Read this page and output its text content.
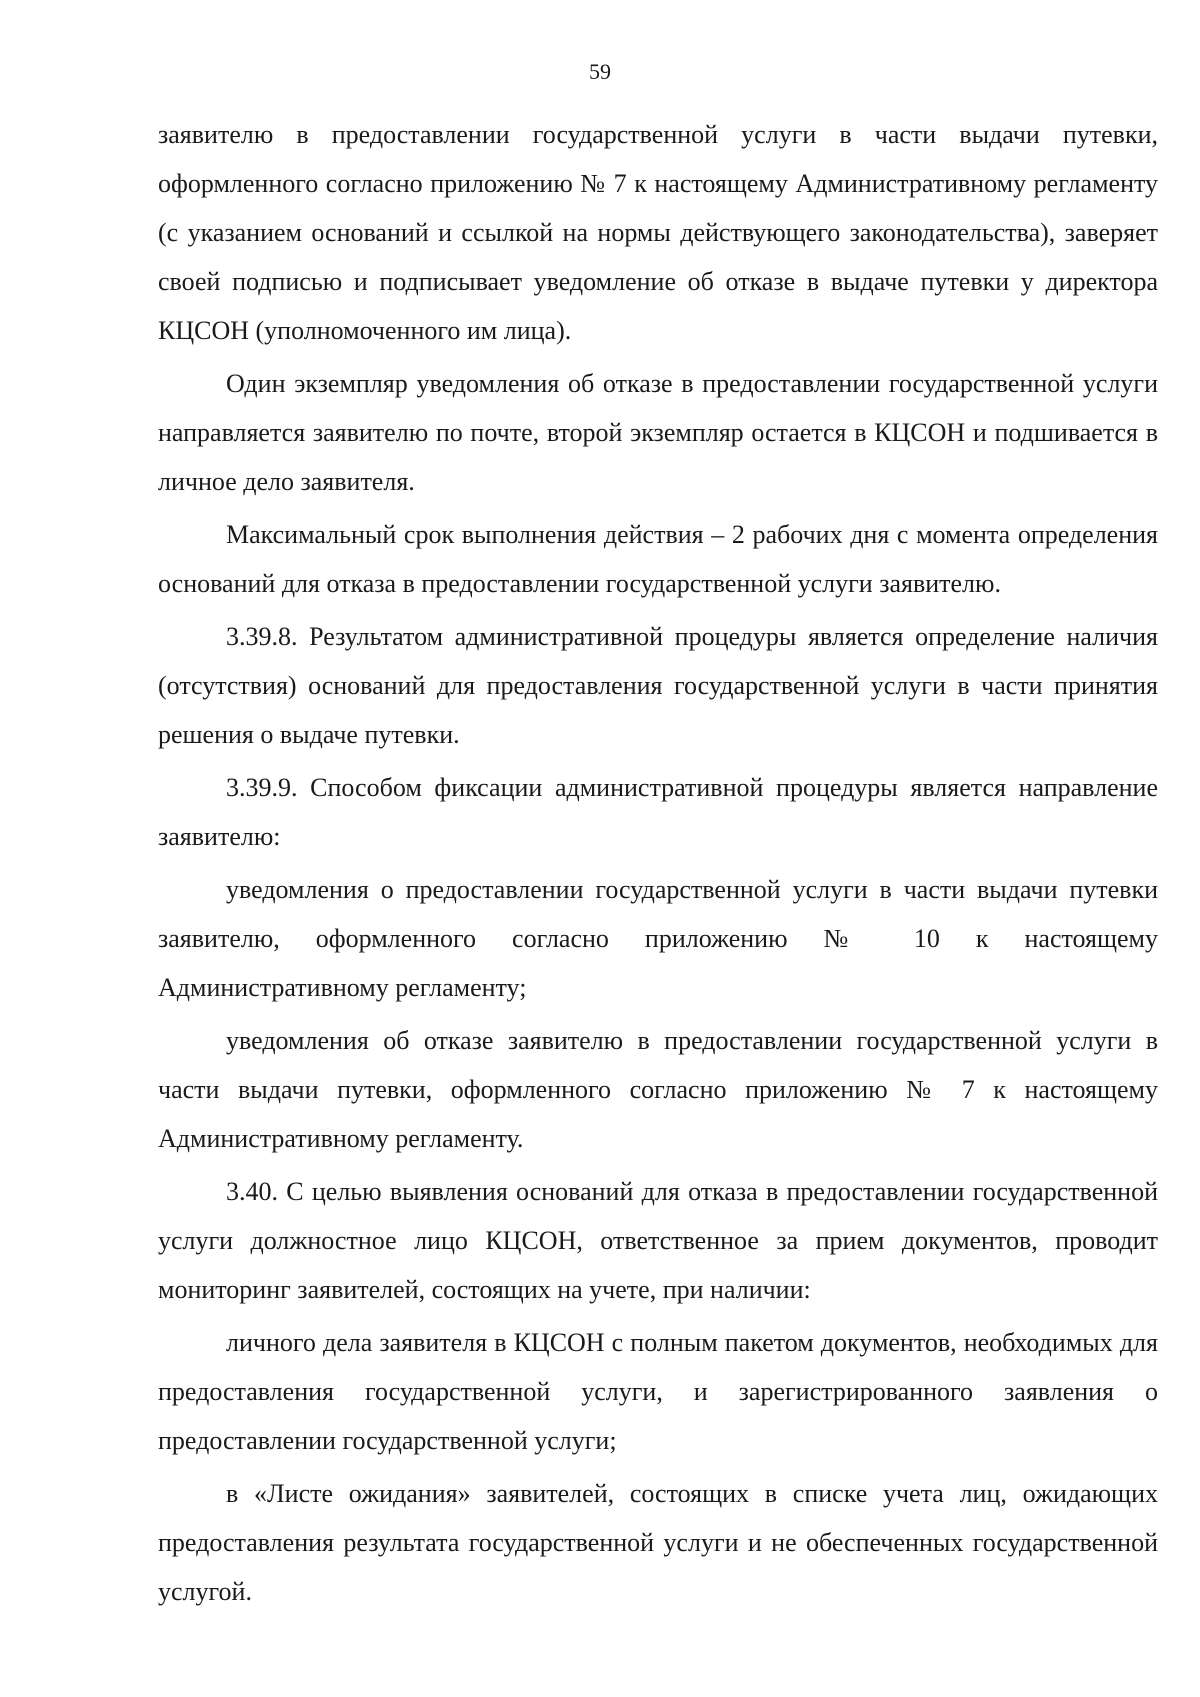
59

заявителю в предоставлении государственной услуги в части выдачи путевки, оформленного согласно приложению № 7 к настоящему Административному регламенту (с указанием оснований и ссылкой на нормы действующего законодательства), заверяет своей подписью и подписывает уведомление об отказе в выдаче путевки у директора КЦСОН (уполномоченного им лица).

Один экземпляр уведомления об отказе в предоставлении государственной услуги направляется заявителю по почте, второй экземпляр остается в КЦСОН и подшивается в личное дело заявителя.

Максимальный срок выполнения действия – 2 рабочих дня с момента определения оснований для отказа в предоставлении государственной услуги заявителю.

3.39.8. Результатом административной процедуры является определение наличия (отсутствия) оснований для предоставления государственной услуги в части принятия решения о выдаче путевки.

3.39.9. Способом фиксации административной процедуры является направление заявителю:

уведомления о предоставлении государственной услуги в части выдачи путевки заявителю, оформленного согласно приложению № 10 к настоящему Административному регламенту;

уведомления об отказе заявителю в предоставлении государственной услуги в части выдачи путевки, оформленного согласно приложению № 7 к настоящему Административному регламенту.

3.40. С целью выявления оснований для отказа в предоставлении государственной услуги должностное лицо КЦСОН, ответственное за прием документов, проводит мониторинг заявителей, состоящих на учете, при наличии:

личного дела заявителя в КЦСОН с полным пакетом документов, необходимых для предоставления государственной услуги, и зарегистрированного заявления о предоставлении государственной услуги;

в «Листе ожидания» заявителей, состоящих в списке учета лиц, ожидающих предоставления результата государственной услуги и не обеспеченных государственной услугой.
